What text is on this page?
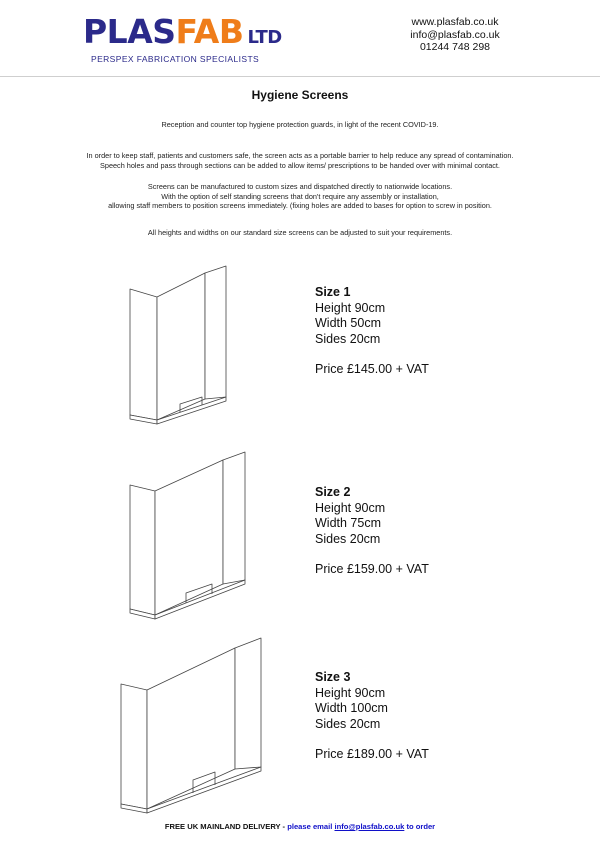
PLASFAB LTD
PERSPEX FABRICATION SPECIALISTS
www.plasfab.co.uk
info@plasfab.co.uk
01244 748 298
Hygiene Screens
Reception and counter top hygiene protection guards, in light of the recent COVID-19.
In order to keep staff, patients and customers safe, the screen acts as a portable barrier to help reduce any spread of contamination.
Speech holes and pass through sections can be added to allow items/ prescriptions to be handed over with minimal contact.
Screens can be manufactured to custom sizes and dispatched directly to nationwide locations.
With the option of self standing screens that don't require any assembly or installation,
allowing staff members to position screens immediately. (fixing holes are added to bases for option to screw in position.
All heights and widths on our standard size screens can be adjusted to suit your requirements.
Size 1
Height 90cm
Width 50cm
Sides 20cm
Price £145.00 + VAT
Size 2
Height 90cm
Width 75cm
Sides 20cm
Price £159.00 + VAT
Size 3
Height 90cm
Width 100cm
Sides 20cm
Price £189.00 + VAT
FREE UK MAINLAND DELIVERY - please email info@plasfab.co.uk to order
